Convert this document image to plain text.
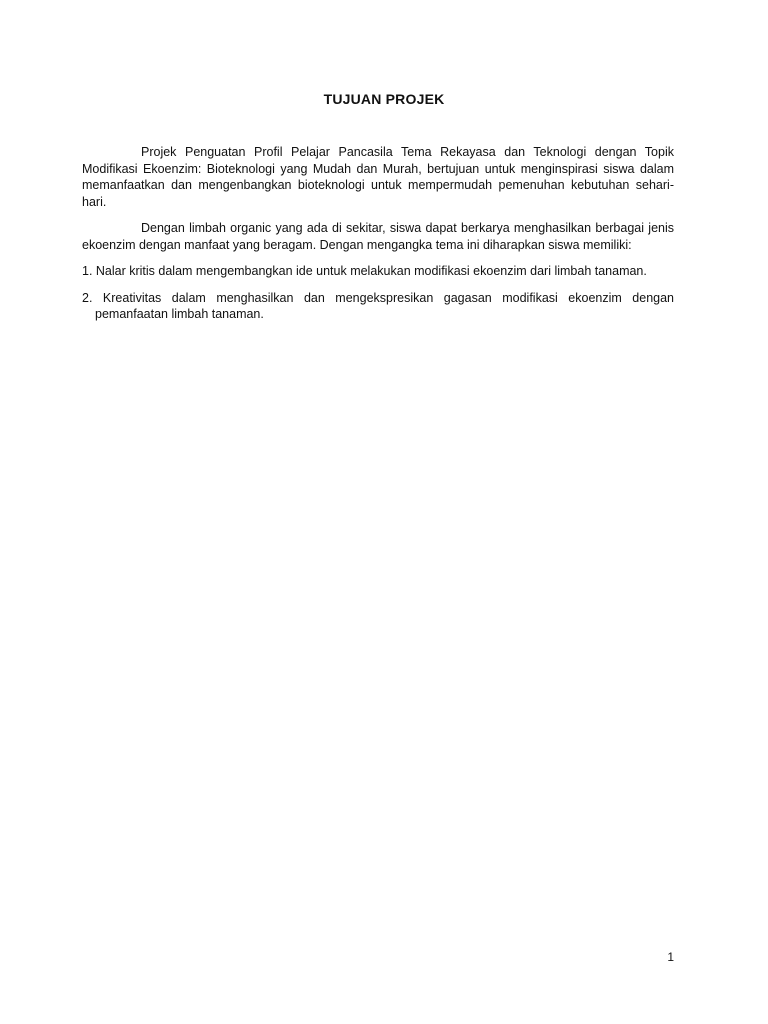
TUJUAN PROJEK

Projek Penguatan Profil Pelajar Pancasila Tema Rekayasa dan Teknologi dengan Topik Modifikasi Ekoenzim: Bioteknologi yang Mudah dan Murah, bertujuan untuk menginspirasi siswa dalam memanfaatkan dan mengenbangkan bioteknologi untuk mempermudah pemenuhan kebutuhan sehari-hari.

Dengan limbah organic yang ada di sekitar, siswa dapat berkarya menghasilkan berbagai jenis ekoenzim dengan manfaat yang beragam. Dengan mengangka tema ini diharapkan siswa memiliki:

1. Nalar kritis dalam mengembangkan ide untuk melakukan modifikasi ekoenzim dari limbah tanaman.

2. Kreativitas dalam menghasilkan dan mengekspresikan gagasan modifikasi ekoenzim dengan pemanfaatan limbah tanaman.

1
